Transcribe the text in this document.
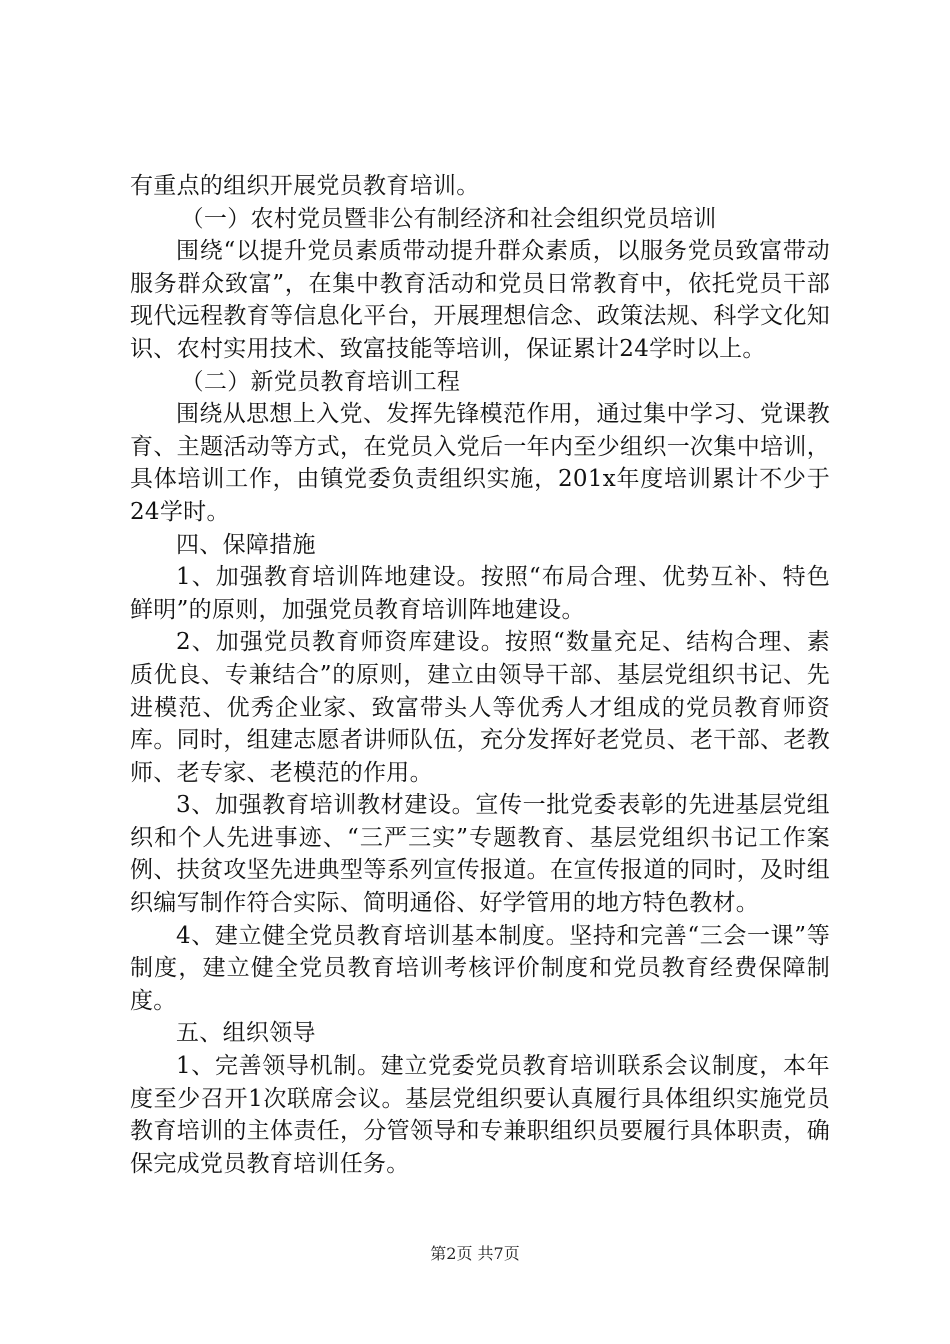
有重点的组织开展党员教育培训。

（一）农村党员暨非公有制经济和社会组织党员培训

围绕“以提升党员素质带动提升群众素质，以服务党员致富带动服务群众致富”，在集中教育活动和党员日常教育中，依托党员干部现代远程教育等信息化平台，开展理想信念、政策法规、科学文化知识、农村实用技术、致富技能等培训，保证累计24学时以上。

（二）新党员教育培训工程

围绕从思想上入党、发挥先锋模范作用，通过集中学习、党课教育、主题活动等方式，在党员入党后一年内至少组织一次集中培训，具体培训工作，由镇党委负责组织实施，201x年度培训累计不少于24学时。

四、保障措施

1、加强教育培训阵地建设。按照“布局合理、优势互补、特色鲜明”的原则，加强党员教育培训阵地建设。

2、加强党员教育师资库建设。按照“数量充足、结构合理、素质优良、专兼结合”的原则，建立由领导干部、基层党组织书记、先进模范、优秀企业家、致富带头人等优秀人才组成的党员教育师资库。同时，组建志愿者讲师队伍，充分发挥好老党员、老干部、老教师、老专家、老模范的作用。

3、加强教育培训教材建设。宣传一批党委表彰的先进基层党组织和个人先进事迹、“三严三实”专题教育、基层党组织书记工作案例、扶贫攻坚先进典型等系列宣传报道。在宣传报道的同时，及时组织编写制作符合实际、简明通俗、好学管用的地方特色教材。

4、建立健全党员教育培训基本制度。坚持和完善“三会一课”等制度，建立健全党员教育培训考核评价制度和党员教育经费保障制度。

五、组织领导

1、完善领导机制。建立党委党员教育培训联系会议制度，本年度至少召开1次联席会议。基层党组织要认真履行具体组织实施党员教育培训的主体责任，分管领导和专兼职组织员要履行具体职责，确保完成党员教育培训任务。

第2页 共7页
